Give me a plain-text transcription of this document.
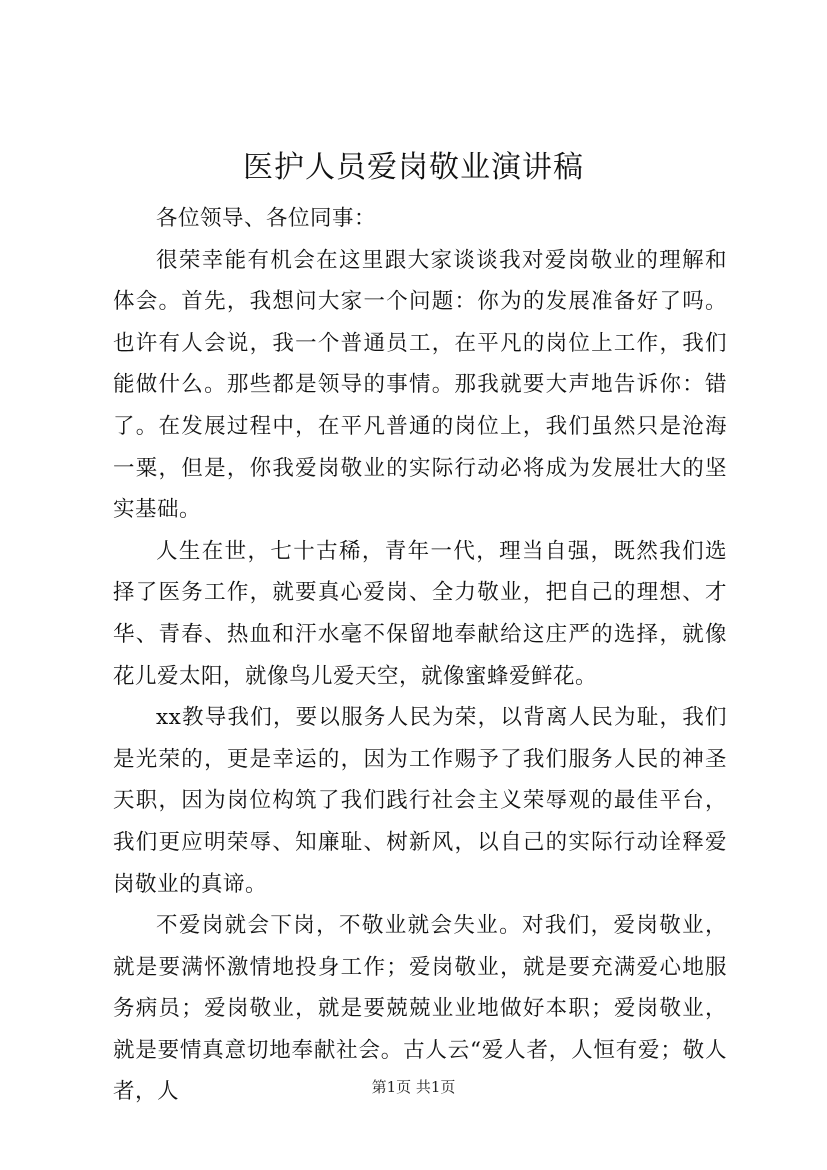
医护人员爱岗敬业演讲稿

各位领导、各位同事：

很荣幸能有机会在这里跟大家谈谈我对爱岗敬业的理解和体会。首先，我想问大家一个问题：你为的发展准备好了吗。也许有人会说，我一个普通员工，在平凡的岗位上工作，我们能做什么。那些都是领导的事情。那我就要大声地告诉你：错了。在发展过程中，在平凡普通的岗位上，我们虽然只是沧海一粟，但是，你我爱岗敬业的实际行动必将成为发展壮大的坚实基础。

人生在世，七十古稀，青年一代，理当自强，既然我们选择了医务工作，就要真心爱岗、全力敬业，把自己的理想、才华、青春、热血和汗水毫不保留地奉献给这庄严的选择，就像花儿爱太阳，就像鸟儿爱天空，就像蜜蜂爱鲜花。

xx教导我们，要以服务人民为荣，以背离人民为耻，我们是光荣的，更是幸运的，因为工作赐予了我们服务人民的神圣天职，因为岗位构筑了我们践行社会主义荣辱观的最佳平台，我们更应明荣辱、知廉耻、树新风，以自己的实际行动诠释爱岗敬业的真谛。

不爱岗就会下岗，不敬业就会失业。对我们，爱岗敬业，就是要满怀激情地投身工作；爱岗敬业，就是要充满爱心地服务病员；爱岗敬业，就是要兢兢业业地做好本职；爱岗敬业，就是要情真意切地奉献社会。古人云“爱人者，人恒有爱；敬人者，人	第1页 共1页
